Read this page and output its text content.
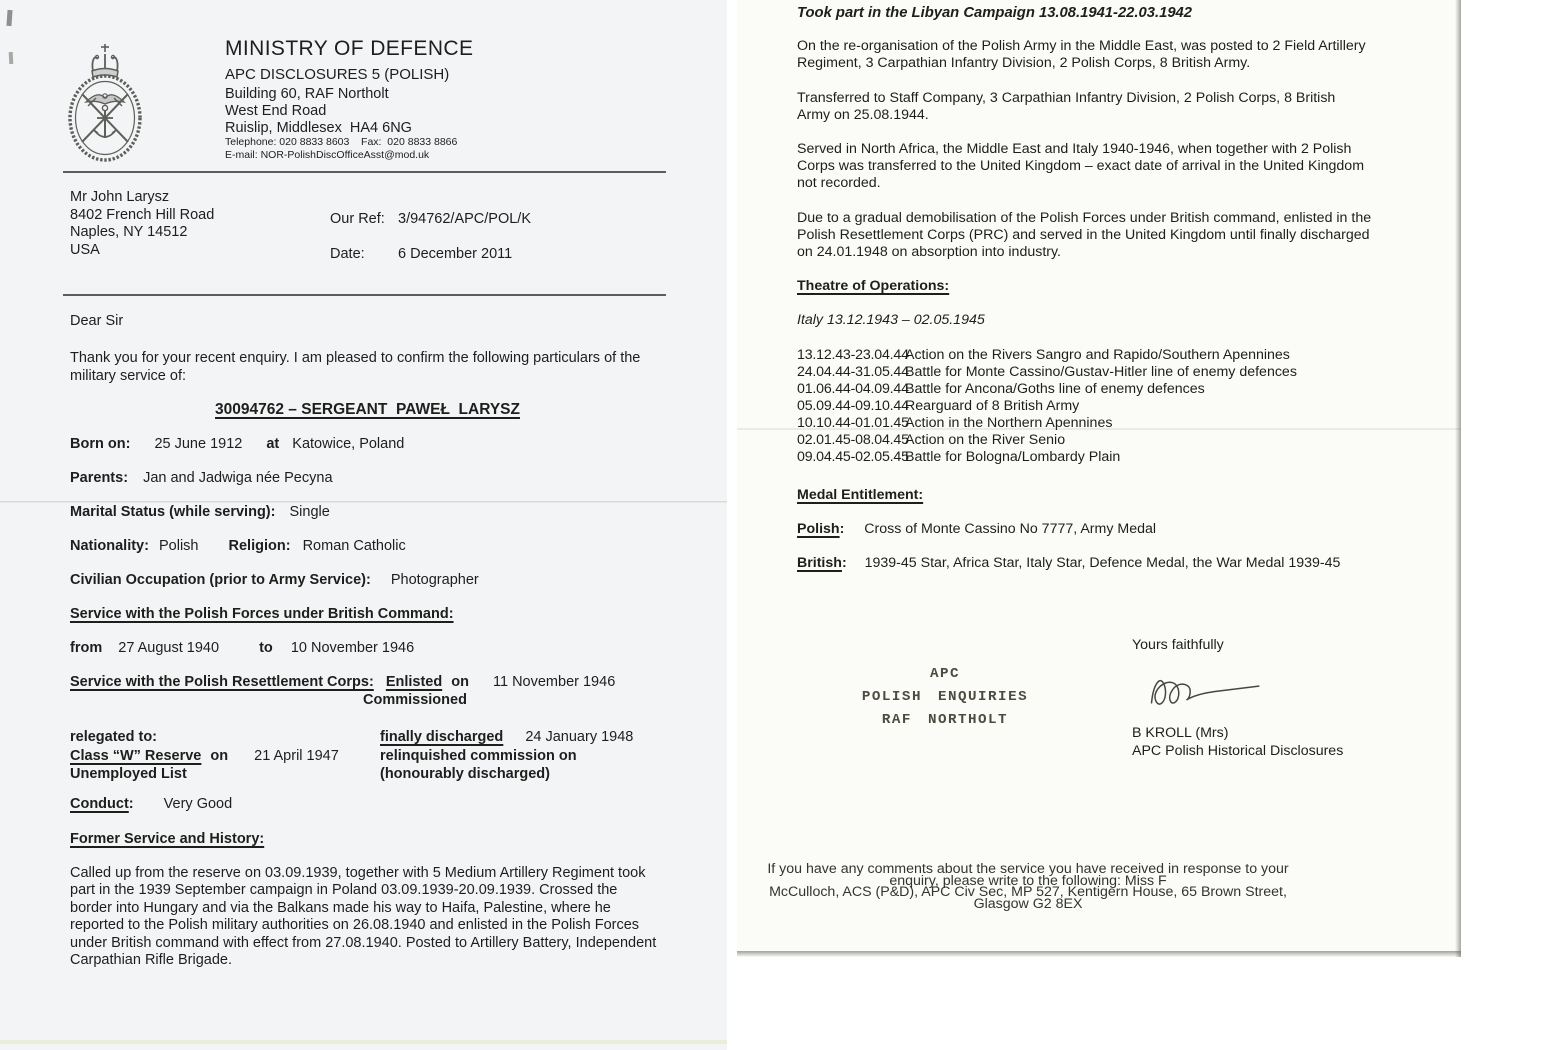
MINISTRY OF DEFENCE
APC DISCLOSURES 5 (POLISH)
Building 60, RAF Northolt
West End Road
Ruislip, Middlesex  HA4 6NG
Telephone: 020 8833 8603    Fax:  020 8833 8866
E-mail: NOR-PolishDiscOfficeAsst@mod.uk
Mr John Larysz
8402 French Hill Road
Naples, NY 14512
USA
Our Ref: 3/94762/APC/POL/K
Date: 6 December 2011
Dear Sir
Thank you for your recent enquiry. I am pleased to confirm the following particulars of the
military service of:
30094762 – SERGEANT  PAWEŁ  LARYSZ
Born on: 25 June 1912 at Katowice, Poland
Parents: Jan and Jadwiga née Pecyna
Marital Status (while serving): Single
Nationality: Polish Religion: Roman Catholic
Civilian Occupation (prior to Army Service): Photographer
Service with the Polish Forces under British Command:
from 27 August 1940	to 10 November 1946
Service with the Polish Resettlement Corps: Enlisted on 11 November 1946
Commissioned
relegated to:
Class “W” Reserve on 21 April 1947
Unemployed List
finally discharged 24 January 1948
relinquished commission on
(honourably discharged)
Conduct: Very Good
Former Service and History:
Called up from the reserve on 03.09.1939, together with 5 Medium Artillery Regiment took
part in the 1939 September campaign in Poland 03.09.1939-20.09.1939. Crossed the
border into Hungary and via the Balkans made his way to Haifa, Palestine, where he
reported to the Polish military authorities on 26.08.1940 and enlisted in the Polish Forces
under British command with effect from 27.08.1940. Posted to Artillery Battery, Independent
Carpathian Rifle Brigade.
Took part in the Libyan Campaign 13.08.1941-22.03.1942
On the re-organisation of the Polish Army in the Middle East, was posted to 2 Field Artillery
Regiment, 3 Carpathian Infantry Division, 2 Polish Corps, 8 British Army.
Transferred to Staff Company, 3 Carpathian Infantry Division, 2 Polish Corps, 8 British
Army on 25.08.1944.
Served in North Africa, the Middle East and Italy 1940-1946, when together with 2 Polish
Corps was transferred to the United Kingdom – exact date of arrival in the United Kingdom
not recorded.
Due to a gradual demobilisation of the Polish Forces under British command, enlisted in the
Polish Resettlement Corps (PRC) and served in the United Kingdom until finally discharged
on 24.01.1948 on absorption into industry.
Theatre of Operations:
Italy 13.12.1943 – 02.05.1945
13.12.43-23.04.44Action on the Rivers Sangro and Rapido/Southern Apennines
24.04.44-31.05.44Battle for Monte Cassino/Gustav-Hitler line of enemy defences
01.06.44-04.09.44Battle for Ancona/Goths line of enemy defences
05.09.44-09.10.44Rearguard of 8 British Army
10.10.44-01.01.45Action in the Northern Apennines
02.01.45-08.04.45Action on the River Senio
09.04.45-02.05.45Battle for Bologna/Lombardy Plain
Medal Entitlement:
Polish: Cross of Monte Cassino No 7777, Army Medal
British: 1939-45 Star, Africa Star, Italy Star, Defence Medal, the War Medal 1939-45
APC
POLISH ENQUIRIES
RAF NORTHOLT
Yours faithfully
B KROLL (Mrs)
APC Polish Historical Disclosures
If you have any comments about the service you have received in response to your enquiry, please write to the following: Miss F
McCulloch, ACS (P&D), APC Civ Sec, MP 527, Kentigern House, 65 Brown Street, Glasgow G2 8EX
